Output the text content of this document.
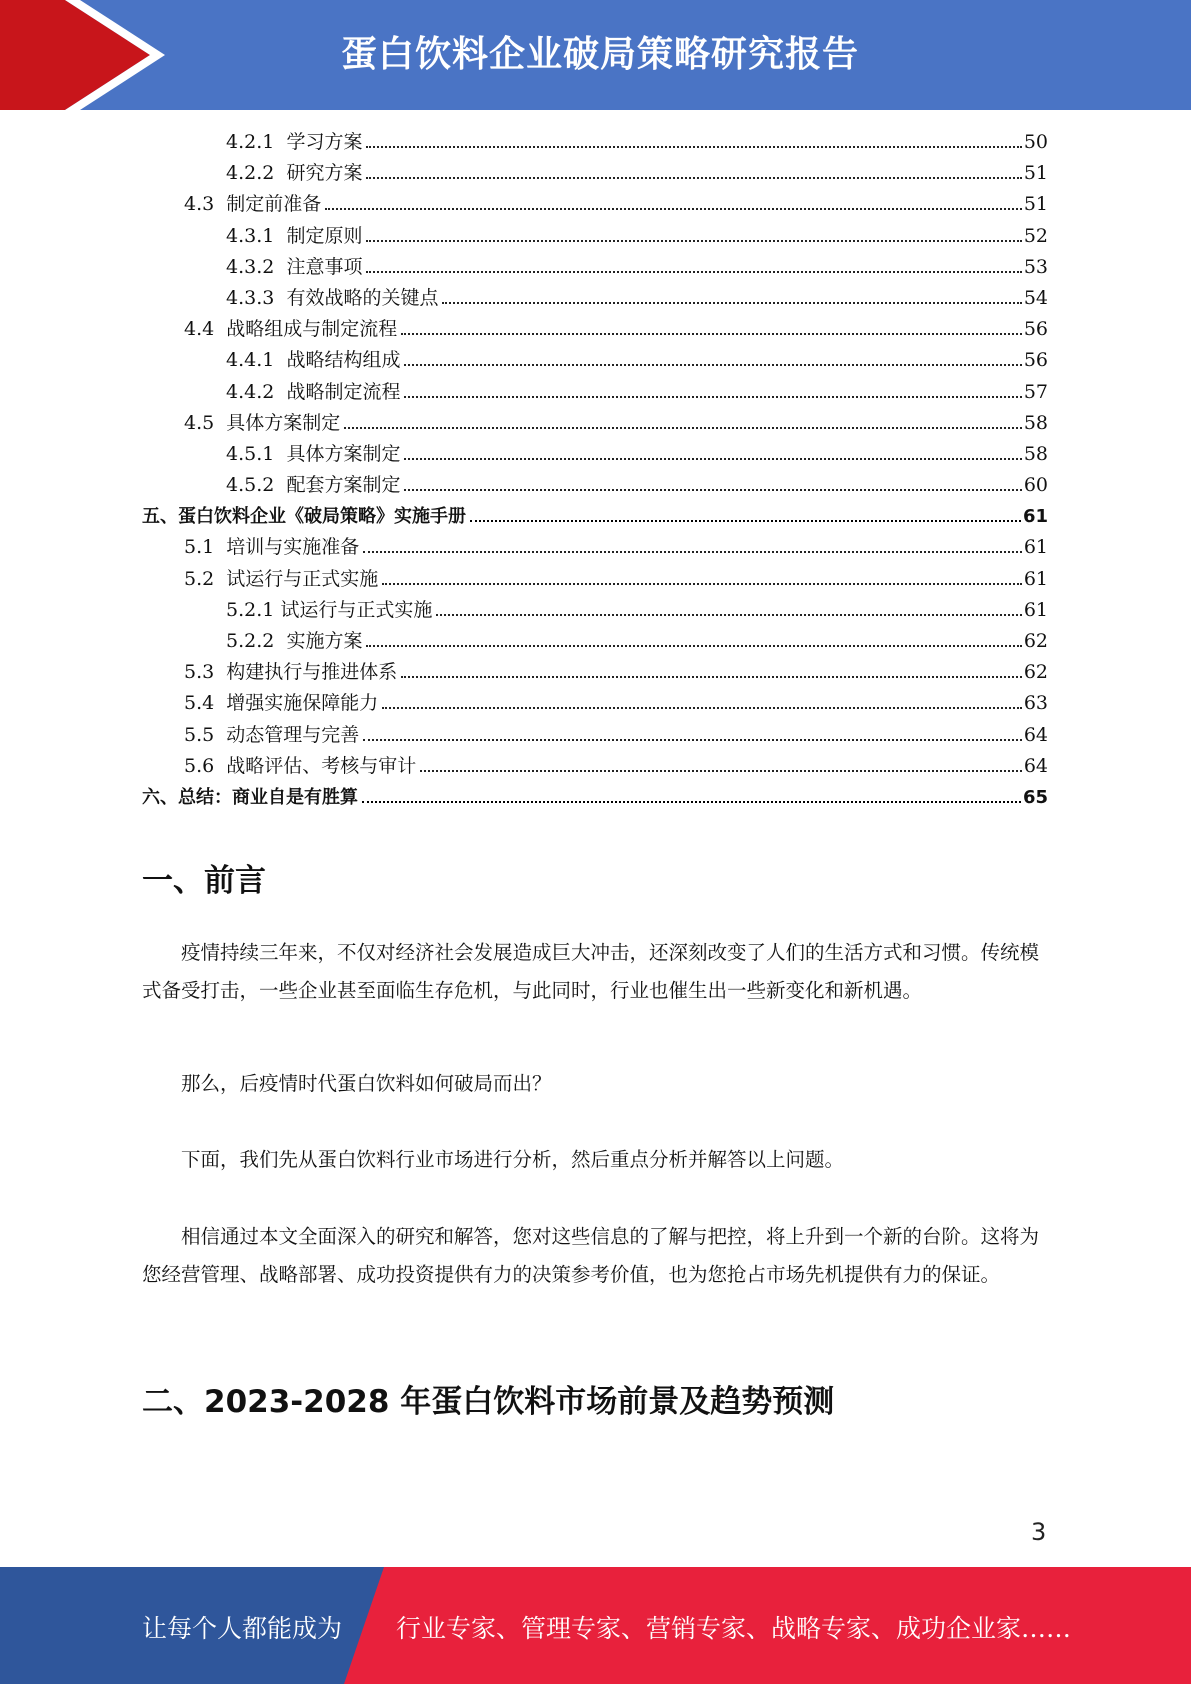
蛋白饮料企业破局策略研究报告
4.2.1 学习方案	50
4.2.2 研究方案	51
4.3 制定前准备	51
4.3.1 制定原则	52
4.3.2 注意事项	53
4.3.3 有效战略的关键点	54
4.4 战略组成与制定流程	56
4.4.1 战略结构组成	56
4.4.2 战略制定流程	57
4.5 具体方案制定	58
4.5.1 具体方案制定	58
4.5.2 配套方案制定	60
五、蛋白饮料企业《破局策略》实施手册	61
5.1 培训与实施准备	61
5.2 试运行与正式实施	61
5.2.1 试运行与正式实施	61
5.2.2 实施方案	62
5.3 构建执行与推进体系	62
5.4 增强实施保障能力	63
5.5 动态管理与完善	64
5.6 战略评估、考核与审计	64
六、总结：商业自是有胜算	65
一、前言

疫情持续三年来，不仅对经济社会发展造成巨大冲击，还深刻改变了人们的生活方式和习惯。传统模式备受打击，一些企业甚至面临生存危机，与此同时，行业也催生出一些新变化和新机遇。

那么，后疫情时代蛋白饮料如何破局而出？

下面，我们先从蛋白饮料行业市场进行分析，然后重点分析并解答以上问题。

相信通过本文全面深入的研究和解答，您对这些信息的了解与把控，将上升到一个新的台阶。这将为您经营管理、战略部署、成功投资提供有力的决策参考价值，也为您抢占市场先机提供有力的保证。

二、2023-2028 年蛋白饮料市场前景及趋势预测
3
让每个人都能成为 行业专家、管理专家、营销专家、战略专家、成功企业家……
